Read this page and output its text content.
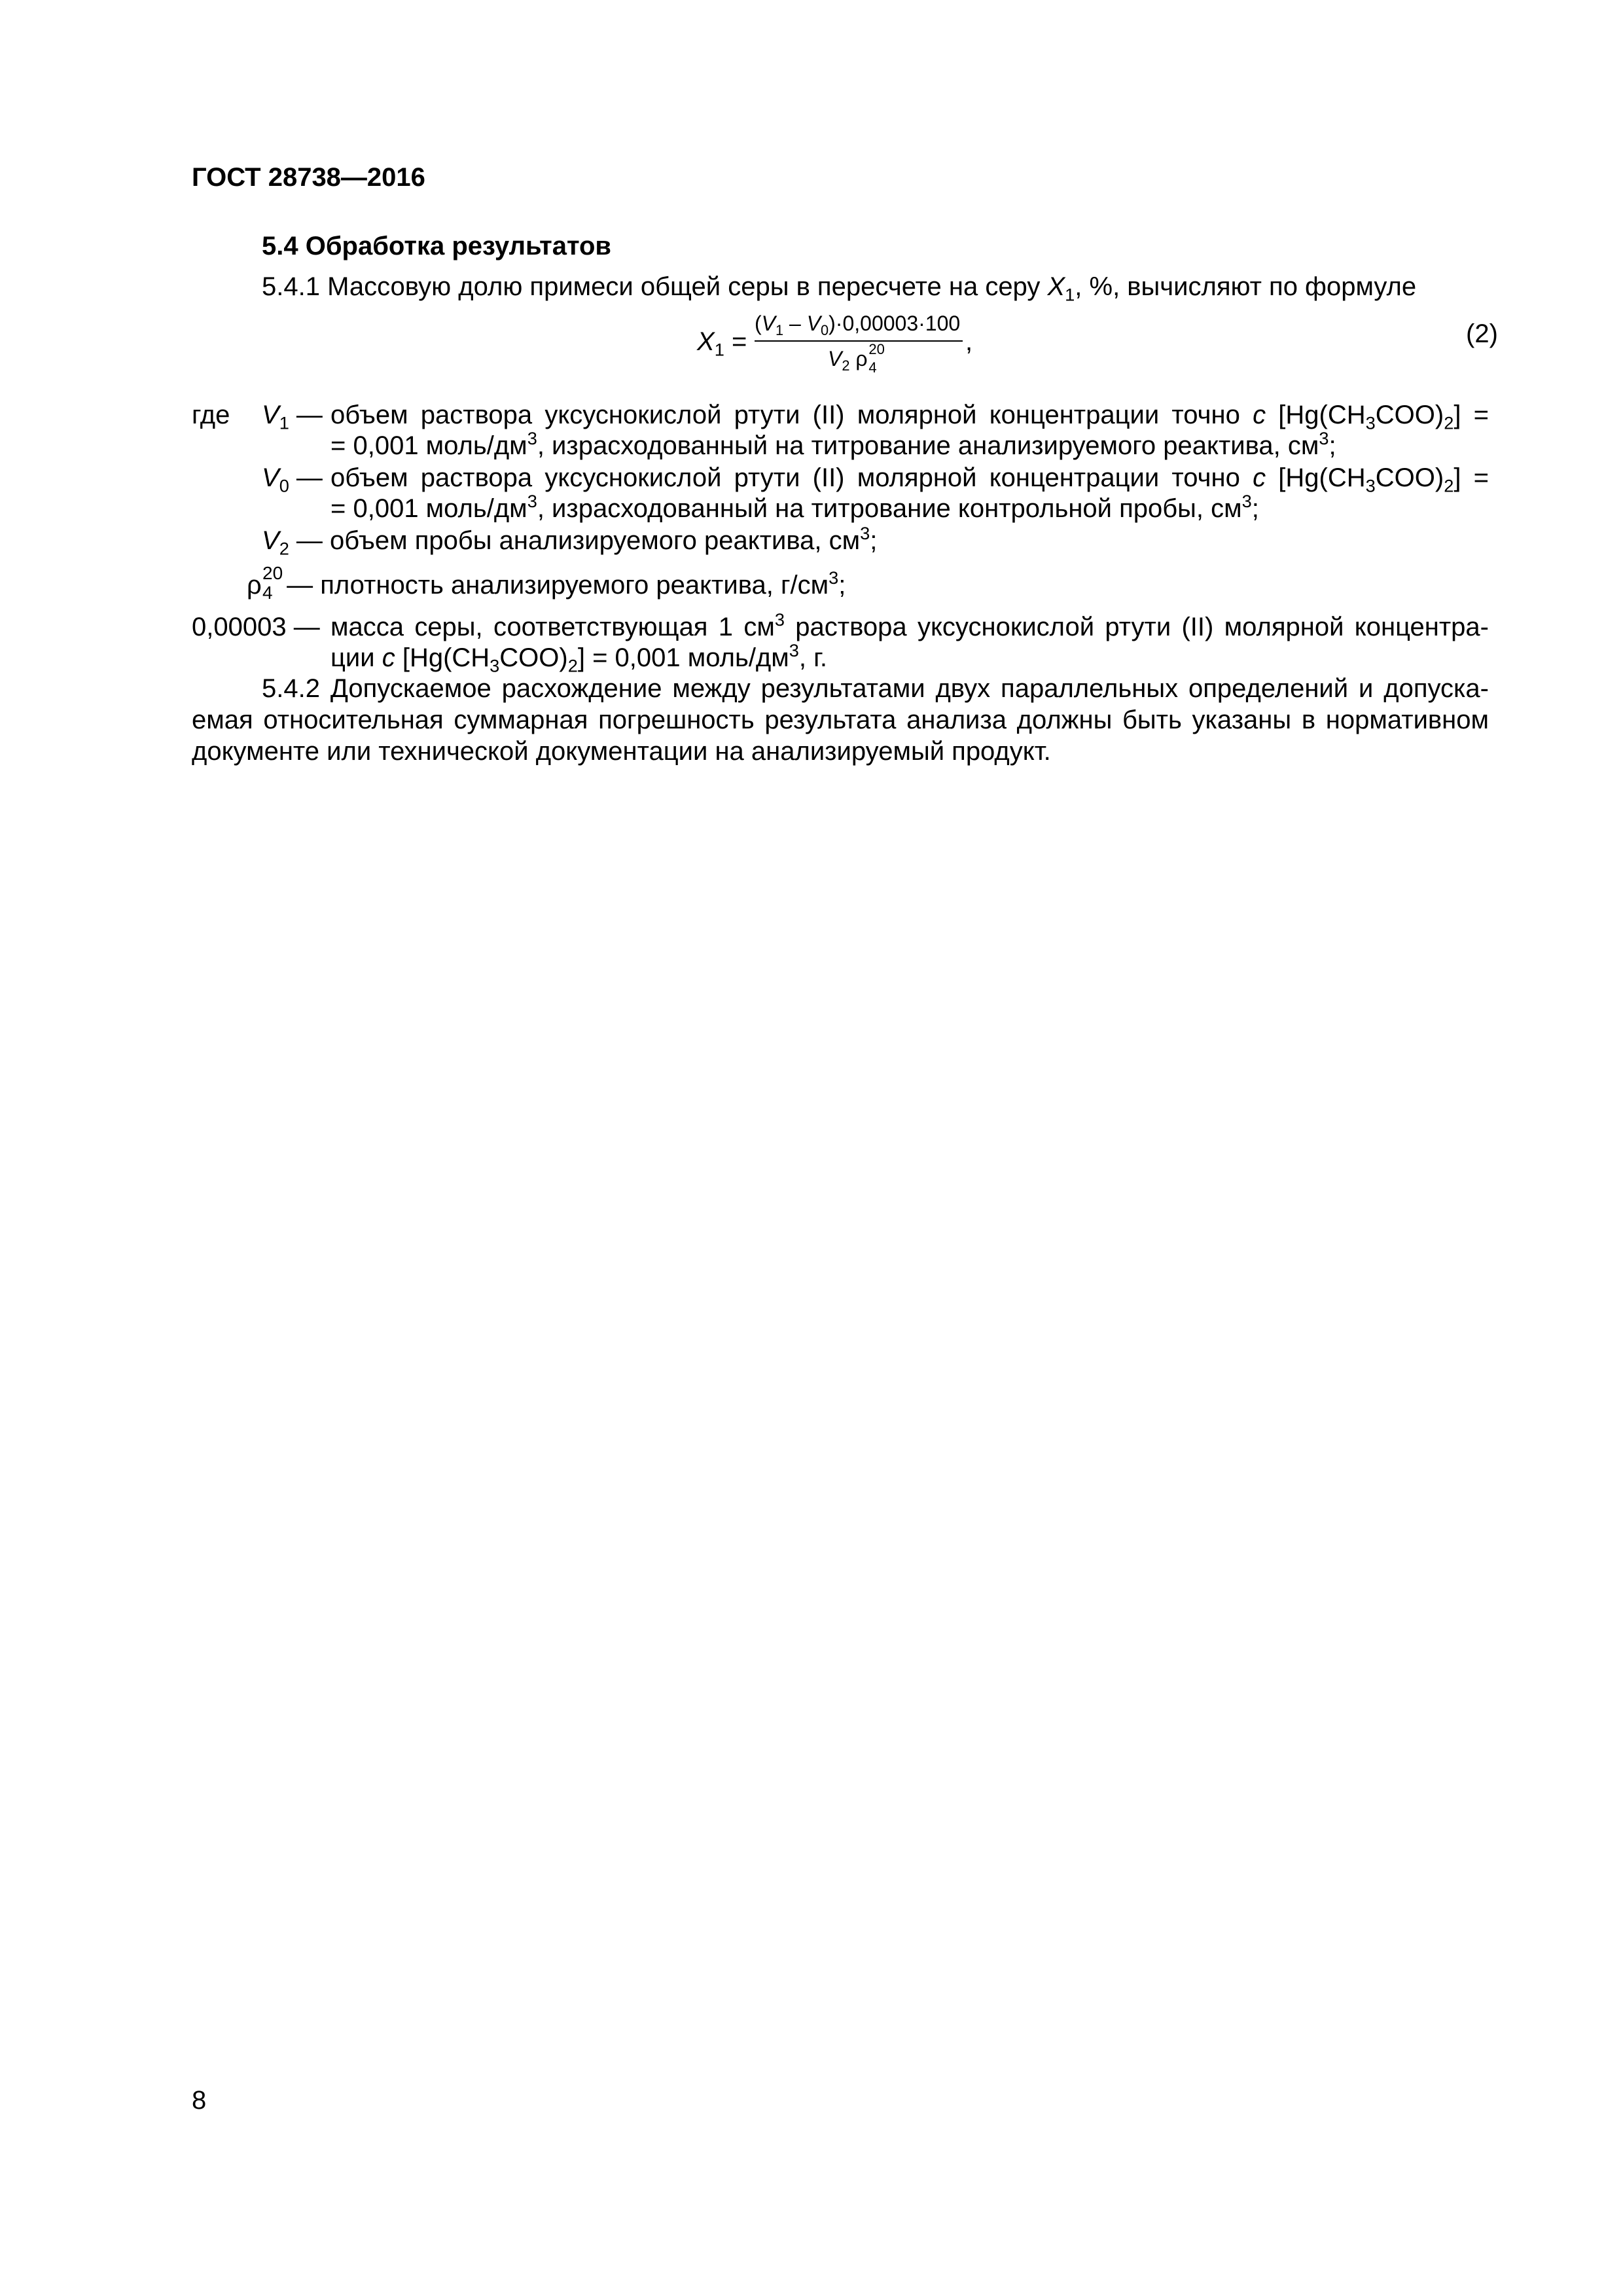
ГОСТ 28738—2016
5.4 Обработка результатов
5.4.1 Массовую долю примеси общей серы в пересчете на серу $X_1$, %, вычисляют по формуле
$X_1$ =
$(V_1 - V_0)\cdot 0,00003\cdot 100$
$V_2$ ρ 20
4
,	(2)
где $V_1$ — объем раствора уксуснокислой ртути (II) молярной концентрации точно c $[Hg(CH_3COO)_2]$ =
= 0,001 моль/$дм^3$, израсходованный на титрование анализируемого реактива, $см^3$;
$V_0$ — объем раствора уксуснокислой ртути (II) молярной концентрации точно c $[Hg(CH_3COO)_2]$ =
= 0,001 моль/$дм^3$, израсходованный на титрование контрольной пробы, $см^3$;
$V_2$ — объем пробы анализируемого реактива, $см^3$;
ρ 20
4 — плотность анализируемого реактива, $г/см^3$;
0,00003 — масса серы, соответствующая 1 $см^3$ раствора уксуснокислой ртути (II) молярной концентра-
ции c $[Hg(CH_3COO)_2] = 0,001$ моль/$дм^3$, г.
5.4.2 Допускаемое расхождение между результатами двух параллельных определений и допуска-
емая относительная суммарная погрешность результата анализа должны быть указаны в нормативном
документе или технической документации на анализируемый продукт.
8
